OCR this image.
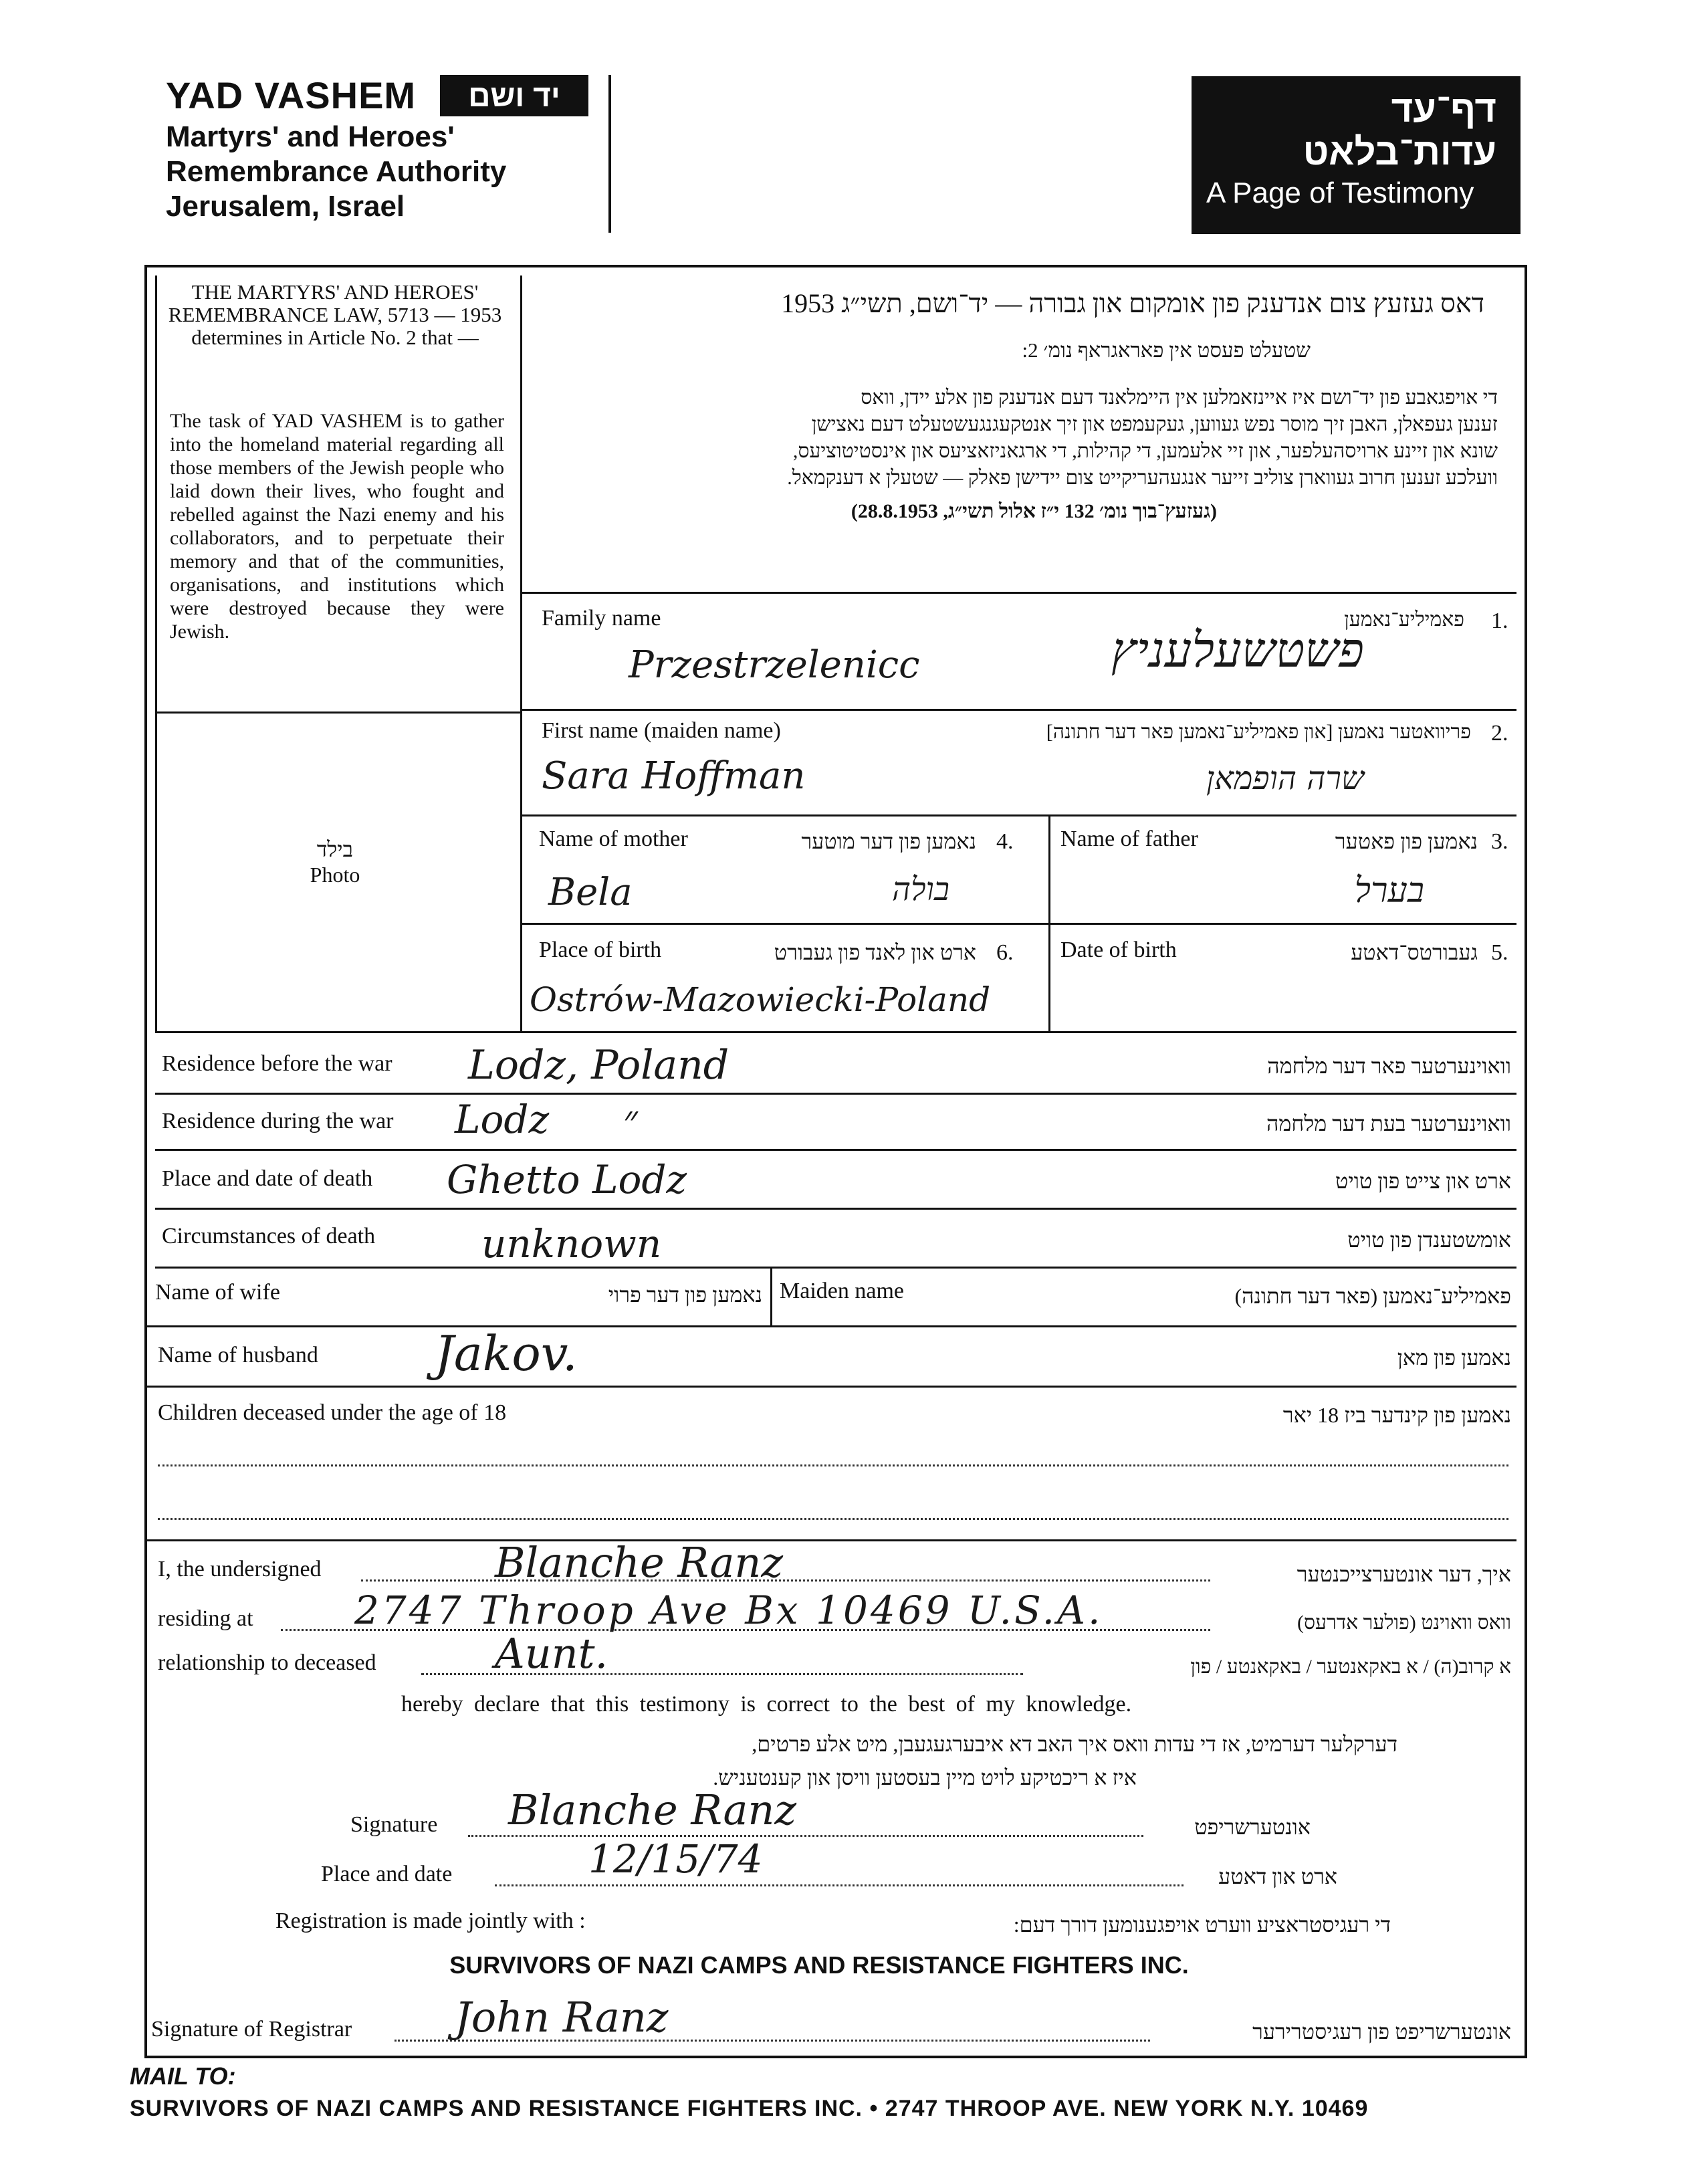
YAD VASHEM	יד ושם
Martyrs' and Heroes'
Remembrance Authority
Jerusalem, Israel
דף־עד
עדות־בלאט
A Page of Testimony
THE MARTYRS' AND HEROES' REMEMBRANCE LAW, 5713 — 1953 determines in Article No. 2 that —
The task of YAD VASHEM is to gather into the homeland material regarding all those members of the Jewish people who laid down their lives, who fought and rebelled against the Nazi enemy and his collaborators, and to perpetuate their memory and that of the communities, organisations, and institutions which were destroyed because they were Jewish.
בילד
Photo
דאס געזעץ צום אנדענק פון אומקום און גבורה — יד־ושם, תשי״ג 1953
שטעלט פעסט אין פאראגראף נומ׳ 2:
די אויפגאבע פון יד־ושם איז איינזאמלען אין היימלאנד דעם אנדענק פון אלע יידן, וואס
זענען געפאלן, האבן זיך מוסר נפש געווען, געקעמפט און זיך אנטקעגנגעשטעלט דעם נאצישן
שונא און זיינע ארויסהעלפער, און זיי אלעמען, די קהילות, די ארגאניזאציעס און אינסטיטוציעס,
וועלכע זענען חרוב געווארן צוליב זייער אנגעהעריקייט צום יידישן פאלק — שטעלן א דענקמאל.
(געזעץ־בוך נומ׳ 132 י״ז אלול תשי״ג, 28.8.1953)
Family name	פאמיליע־נאמען 1.
Przestrzelenicc	פשטשעלעניץ
First name (maiden name)	פריוואטער נאמען [און פאמיליע־נאמען פאר דער חתונה] 2.
Sara Hoffman	שרה הופמאן
Name of mother	נאמען פון דער מוטער 4.
Bela	בולה
Name of father	נאמען פון פאטער 3.
בערל
Place of birth	ארט און לאנד פון געבורט 6.
Ostrów-Mazowiecki-Poland
Date of birth	געבורטס־דאטע 5.
Residence before the war Lodz, Poland	וואוינערטער פאר דער מלחמה
Residence during the war Lodz      ״	וואוינערטער בעת דער מלחמה
Place and date of death Ghetto Lodz	ארט און צייט פון טויט
Circumstances of death	unknown	אומשטענדן פון טויט
Name of wife	נאמען פון דער פרוי Maiden name	פאמיליע־נאמען (פאר דער חתונה)
Name of husband Jakov.	נאמען פון מאן
Children deceased under the age of 18	נאמען פון קינדער ביז 18 יאר
I, the undersigned	Blanche Ranz	איך, דער אונטערצייכנטער
residing at	2747 Throop Ave Bx 10469 U.S.A.	וואס וואוינט (פולער אדרעס)
relationship to deceased	Aunt.	א קרוב(ה) / א באקאנטער / באקאנטע / פון
hereby declare that this testimony is correct to the best of my knowledge.
דערקלער דערמיט, אז די עדות וואס איך האב דא איבערגעגעבן, מיט אלע פרטים,
איז א ריכטיקע לויט מיין בעסטען וויסן און קענטעניש.
Signature Blanche Ranz	אונטערשריפט
Place and date	12/15/74	ארט און דאטע
Registration is made jointly with :	די רעגיסטראציע ווערט אויפגענומען דורך דעם:
SURVIVORS OF NAZI CAMPS AND RESISTANCE FIGHTERS INC.
Signature of Registrar John Ranz	אונטערשריפט פון רעגיסטרירער
MAIL TO:
SURVIVORS OF NAZI CAMPS AND RESISTANCE FIGHTERS INC. • 2747 THROOP AVE. NEW YORK N.Y. 10469
